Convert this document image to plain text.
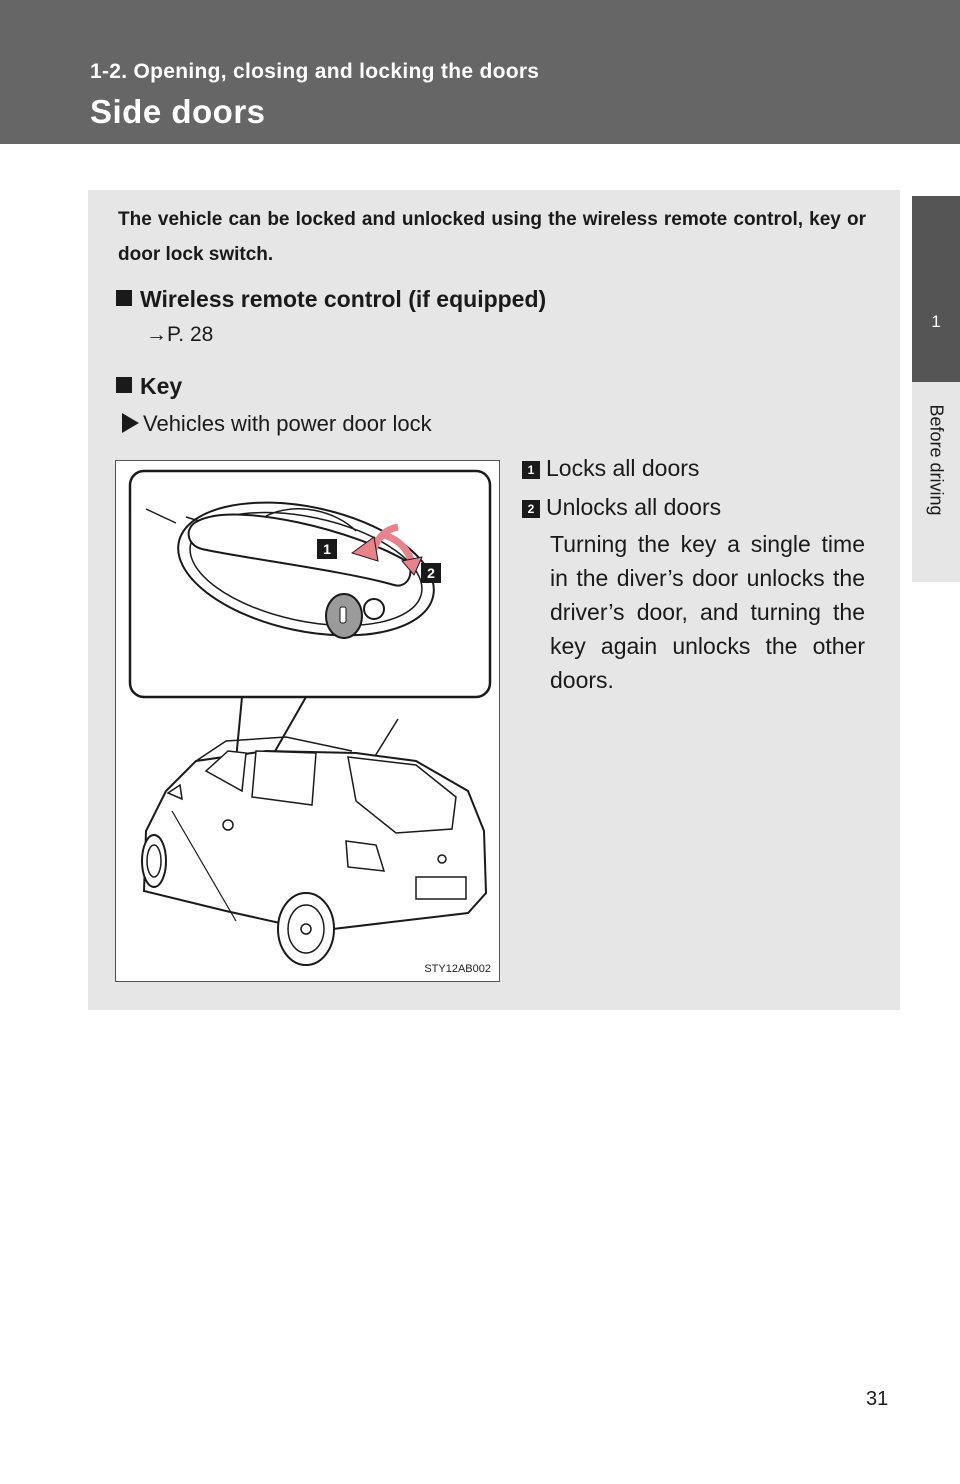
1-2. Opening, closing and locking the doors
Side doors
1
Before driving
The vehicle can be locked and unlocked using the wireless remote control, key or door lock switch.
Wireless remote control (if equipped)
→P. 28
Key
Vehicles with power door lock
1
2
STY12AB002
1 Locks all doors
2 Unlocks all doors
Turning the key a single time in the diver’s door unlocks the driver’s door, and turning the key again unlocks the other doors.
31
